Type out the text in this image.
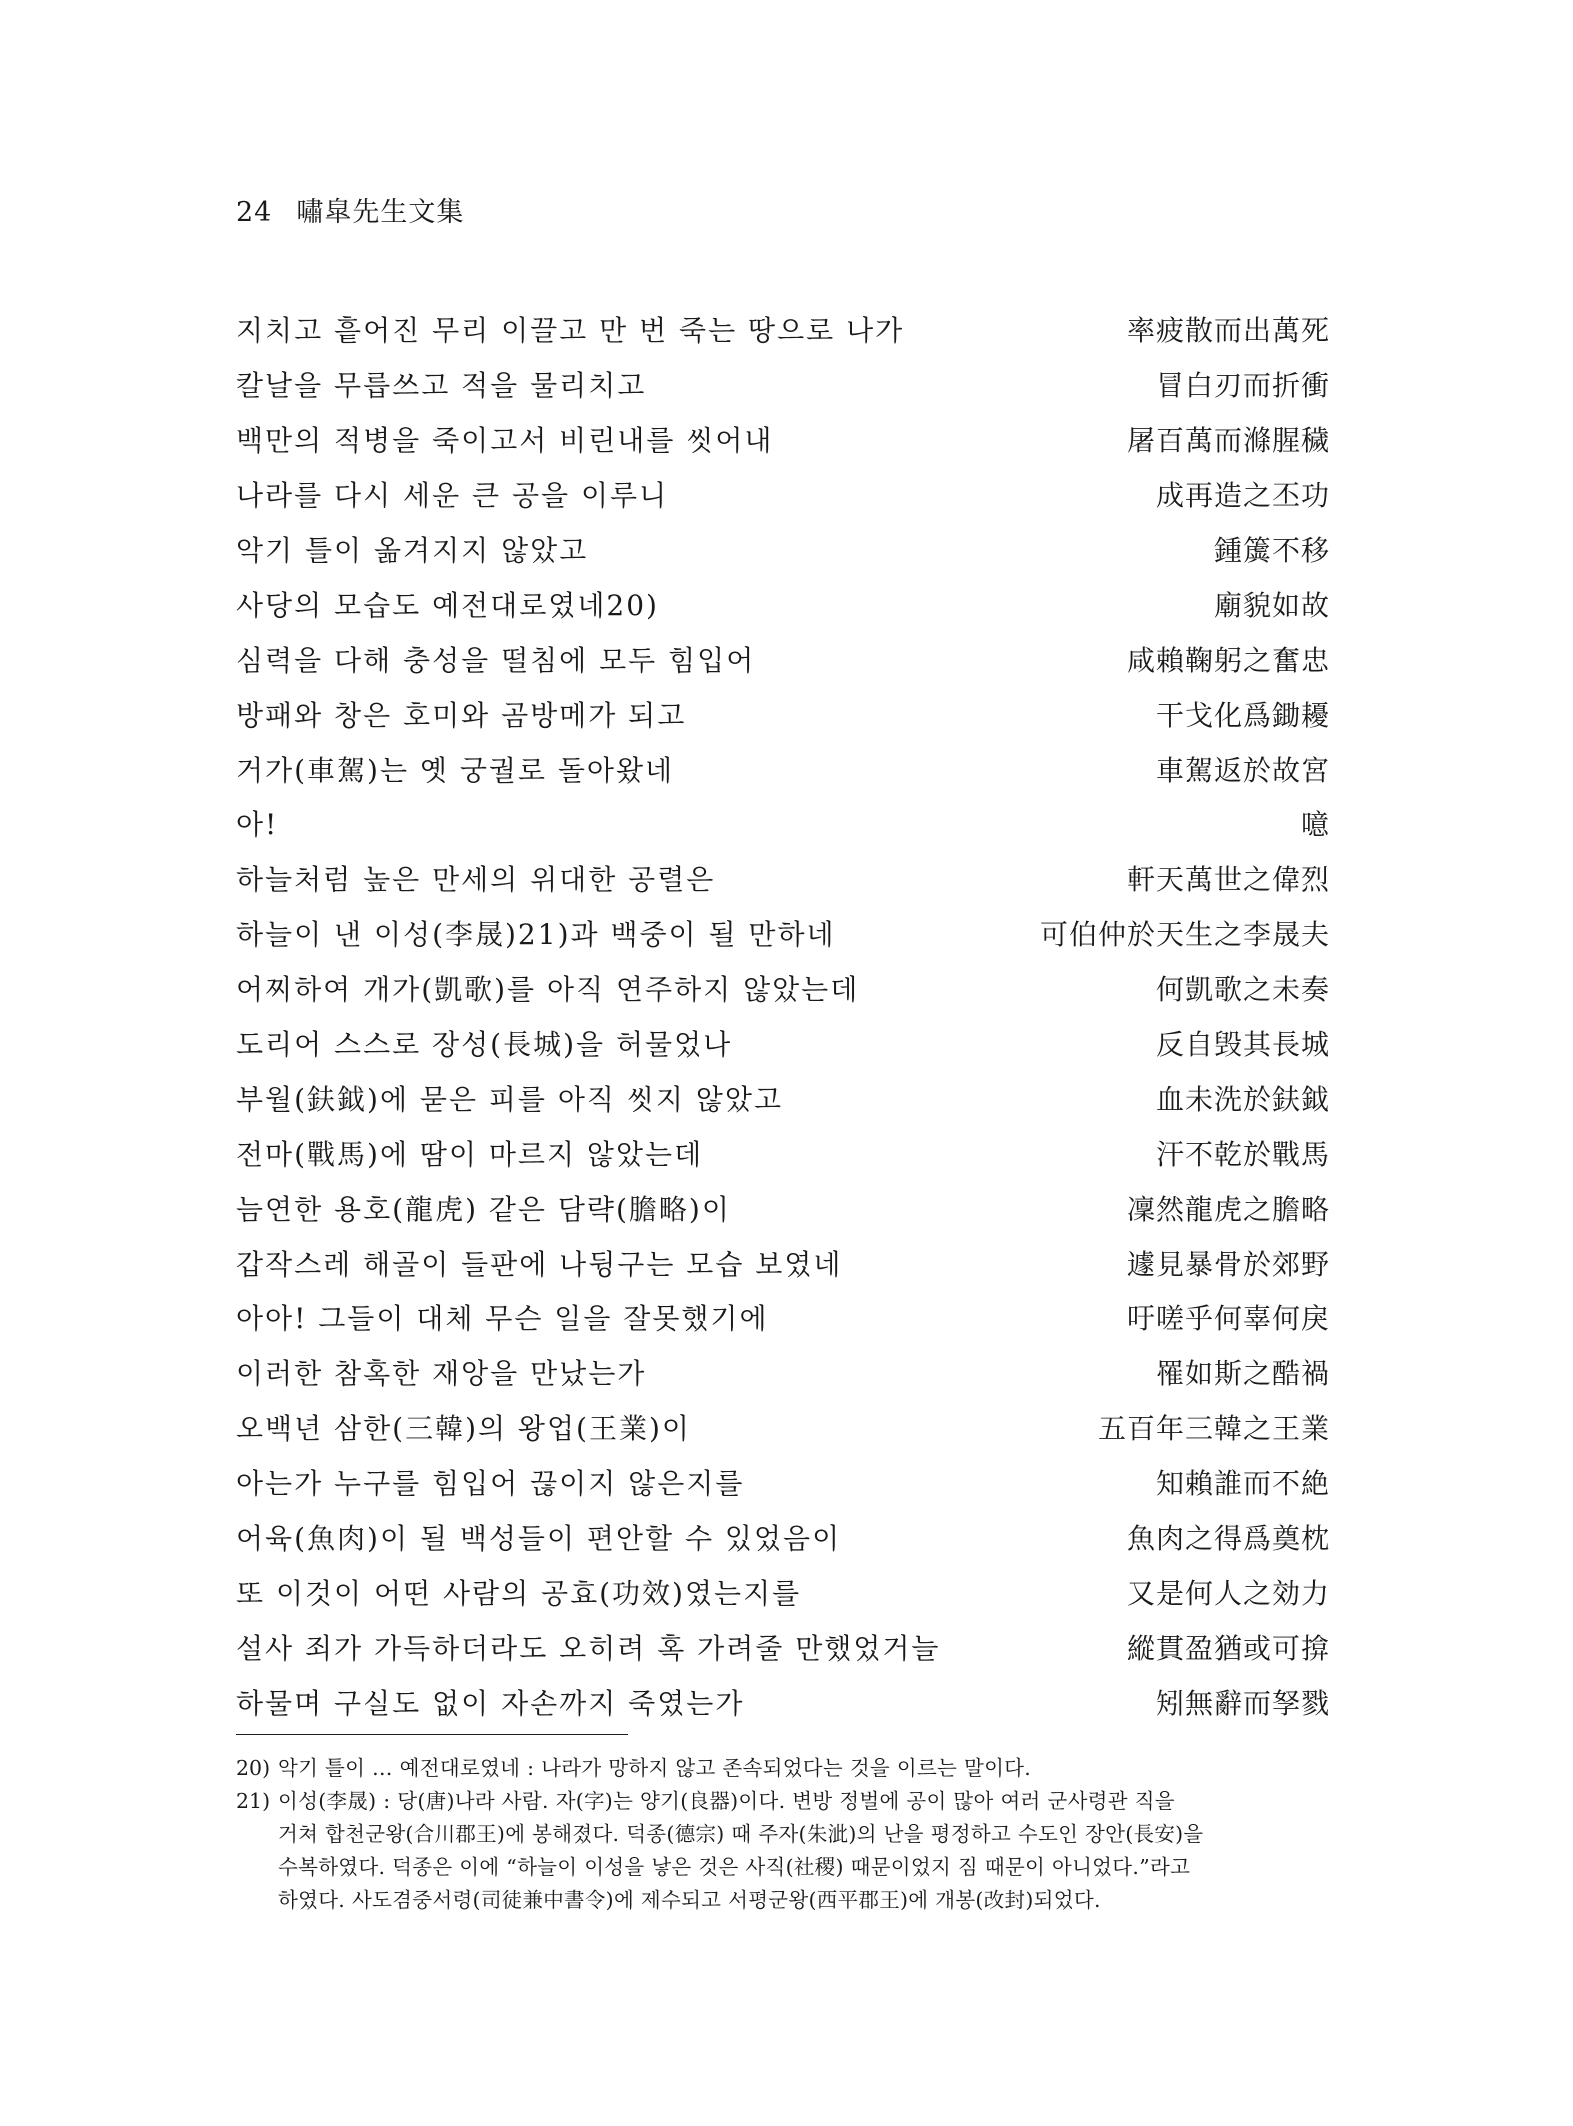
24 嘯皐先生文集
지치고 흩어진 무리 이끌고 만 번 죽는 땅으로 나가	率疲散而出萬死
칼날을 무릅쓰고 적을 물리치고	冒白刃而折衝
백만의 적병을 죽이고서 비린내를 씻어내	屠百萬而滌腥穢
나라를 다시 세운 큰 공을 이루니	成再造之丕功
악기 틀이 옮겨지지 않았고	鍾簴不移
사당의 모습도 예전대로였네20)	廟貌如故
심력을 다해 충성을 떨침에 모두 힘입어	咸賴鞠躬之奮忠
방패와 창은 호미와 곰방메가 되고	干戈化爲鋤耰
거가(車駕)는 옛 궁궐로 돌아왔네	車駕返於故宮
아!	噫
하늘처럼 높은 만세의 위대한 공렬은	軒天萬世之偉烈
하늘이 낸 이성(李晟)21)과 백중이 될 만하네	可伯仲於天生之李晟夫
어찌하여 개가(凱歌)를 아직 연주하지 않았는데	何凱歌之未奏
도리어 스스로 장성(長城)을 허물었나	反自毁其長城
부월(鈇鉞)에 묻은 피를 아직 씻지 않았고	血未洗於鈇鉞
전마(戰馬)에 땀이 마르지 않았는데	汗不乾於戰馬
늠연한 용호(龍虎) 같은 담략(膽略)이	凜然龍虎之膽略
갑작스레 해골이 들판에 나뒹구는 모습 보였네	遽見暴骨於郊野
아아! 그들이 대체 무슨 일을 잘못했기에	吁嗟乎何辜何戾
이러한 참혹한 재앙을 만났는가	罹如斯之酷禍
오백년 삼한(三韓)의 왕업(王業)이	五百年三韓之王業
아는가 누구를 힘입어 끊이지 않은지를	知賴誰而不絶
어육(魚肉)이 될 백성들이 편안할 수 있었음이	魚肉之得爲奠枕
또 이것이 어떤 사람의 공효(功效)였는지를	又是何人之効力
설사 죄가 가득하더라도 오히려 혹 가려줄 만했었거늘	縱貫盈猶或可揜
하물며 구실도 없이 자손까지 죽였는가	矧無辭而孥戮
20) 악기 틀이 … 예전대로였네 : 나라가 망하지 않고 존속되었다는 것을 이르는 말이다.
21) 이성(李晟) : 당(唐)나라 사람. 자(字)는 양기(良器)이다. 변방 정벌에 공이 많아 여러 군사령관 직을
거쳐 합천군왕(合川郡王)에 봉해졌다. 덕종(德宗) 때 주자(朱泚)의 난을 평정하고 수도인 장안(長安)을
수복하였다. 덕종은 이에 “하늘이 이성을 낳은 것은 사직(社稷) 때문이었지 짐 때문이 아니었다.”라고
하였다. 사도겸중서령(司徒兼中書令)에 제수되고 서평군왕(西平郡王)에 개봉(改封)되었다.
